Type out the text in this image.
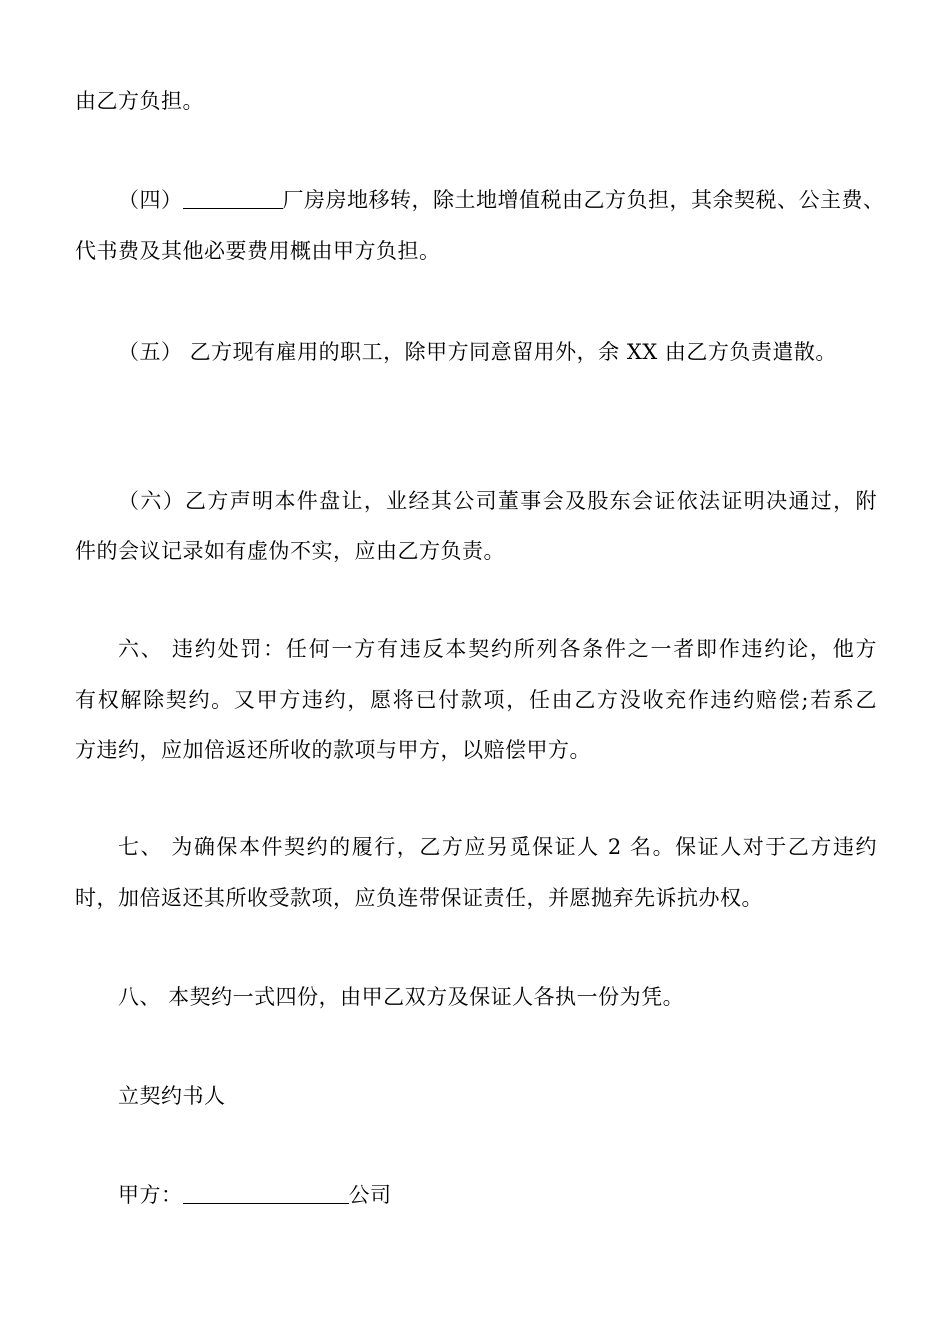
由乙方负担。
（四）	厂房房地移转，除土地增值税由乙方负担，其余契税、公主费、
代书费及其他必要费用概由甲方负担。
（五） 乙方现有雇用的职工，除甲方同意留用外，余 XX 由乙方负责遣散。
（六）乙方声明本件盘让，业经其公司董事会及股东会证依法证明决通过，附
件的会议记录如有虚伪不实，应由乙方负责。
六、 违约处罚：任何一方有违反本契约所列各条件之一者即作违约论，他方
有权解除契约。又甲方违约，愿将已付款项，任由乙方没收充作违约赔偿;若系乙
方违约，应加倍返还所收的款项与甲方，以赔偿甲方。
七、 为确保本件契约的履行，乙方应另觅保证人 2 名。保证人对于乙方违约
时，加倍返还其所收受款项，应负连带保证责任，并愿抛弃先诉抗办权。
八、 本契约一式四份，由甲乙双方及保证人各执一份为凭。
立契约书人
甲方：	公司
